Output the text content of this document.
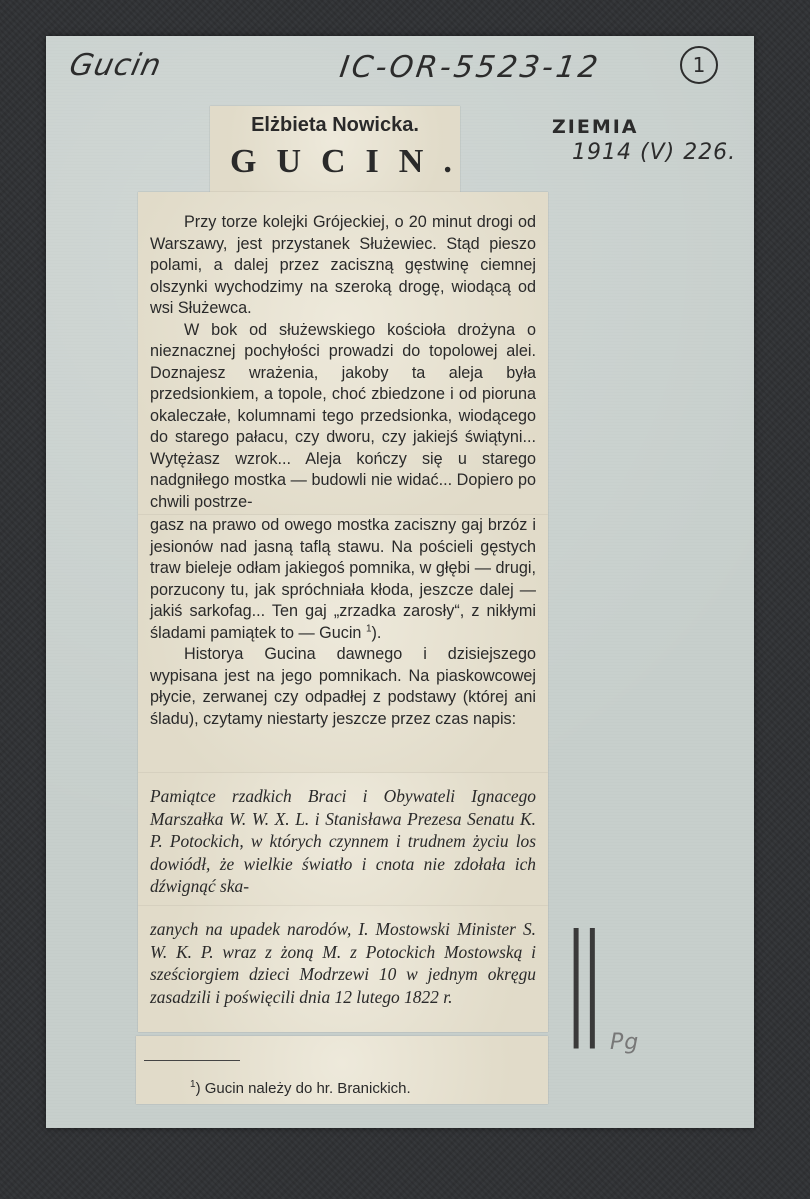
Gucin	IC-OR-5523-12	1
ZIEMIA
1914 (V) 226.
|| Pg
Elżbieta Nowicka.
GUCIN.

Przy torze kolejki Grójeckiej, o 20 minut drogi od Warszawy, jest przystanek Służewiec. Stąd pieszo polami, a dalej przez zaciszną gęstwinę ciemnej olszynki wychodzimy na szeroką drogę, wiodącą od wsi Służewca.

W bok od służewskiego kościoła drożyna o nieznacznej pochyłości prowadzi do topolowej alei. Doznajesz wrażenia, jakoby ta aleja była przedsionkiem, a topole, choć zbiedzone i od pioruna okaleczałe, kolumnami tego przedsionka, wiodącego do starego pałacu, czy dworu, czy jakiejś świątyni... Wytężasz wzrok... Aleja kończy się u starego nadgniłego mostka — budowli nie widać... Dopiero po chwili postrze-

gasz na prawo od owego mostka zaciszny gaj brzóz i jesionów nad jasną taflą stawu. Na pościeli gęstych traw bieleje odłam jakiegoś pomnika, w głębi — drugi, porzucony tu, jak spróchniała kłoda, jeszcze dalej — jakiś sarkofag... Ten gaj „zrzadka zarosły“, z nikłymi śladami pamiątek to — Gucin $^1$).

Historya Gucina dawnego i dzisiejszego wypisana jest na jego pomnikach. Na piaskowcowej płycie, zerwanej czy odpadłej z podstawy (której ani śladu), czytamy niestarty jeszcze przez czas napis:

Pamiątce rzadkich Braci i Obywateli Ignacego Marszałka W. W. X. L. i Stanisława Prezesa Senatu K. P. Potockich, w których czynnem i trudnem życiu los dowiódł, że wielkie światło i cnota nie zdołała ich dźwignąć ska-

zanych na upadek narodów, I. Mostowski Minister S. W. K. P. wraz z żoną M. z Potockich Mostowską i sześciorgiem dzieci Modrzewi 10 w jednym okręgu zasadzili i poświęcili dnia 12 lutego 1822 r.

$^1$) Gucin należy do hr. Branickich.
